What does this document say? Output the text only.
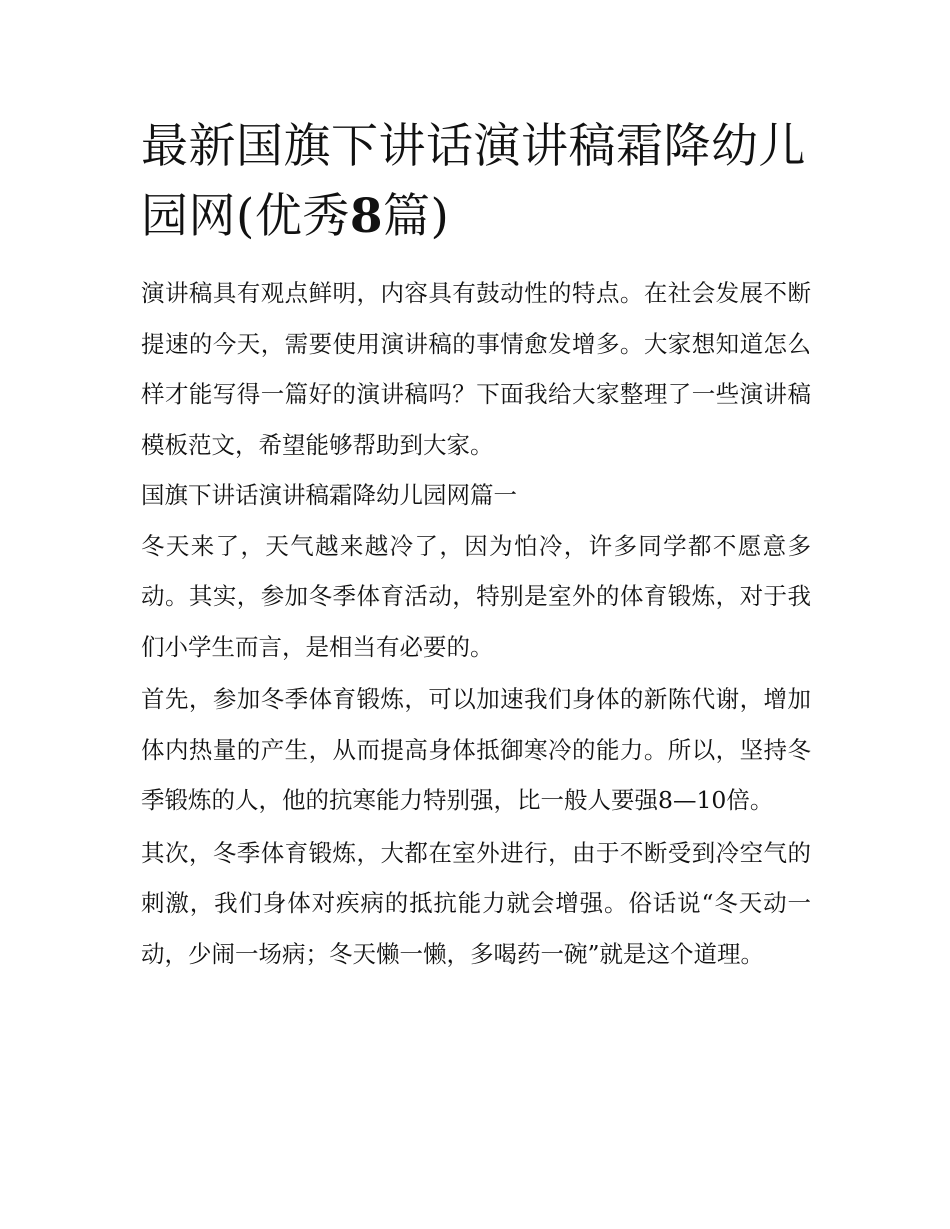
最新国旗下讲话演讲稿霜降幼儿园网(优秀8篇)

演讲稿具有观点鲜明，内容具有鼓动性的特点。在社会发展不断提速的今天，需要使用演讲稿的事情愈发增多。大家想知道怎么样才能写得一篇好的演讲稿吗？下面我给大家整理了一些演讲稿模板范文，希望能够帮助到大家。

国旗下讲话演讲稿霜降幼儿园网篇一

冬天来了，天气越来越冷了，因为怕冷，许多同学都不愿意多动。其实，参加冬季体育活动，特别是室外的体育锻炼，对于我们小学生而言，是相当有必要的。

首先，参加冬季体育锻炼，可以加速我们身体的新陈代谢，增加体内热量的产生，从而提高身体抵御寒冷的能力。所以，坚持冬季锻炼的人，他的抗寒能力特别强，比一般人要强8—10倍。

其次，冬季体育锻炼，大都在室外进行，由于不断受到冷空气的刺激，我们身体对疾病的抵抗能力就会增强。俗话说“冬天动一动，少闹一场病；冬天懒一懒，多喝药一碗”就是这个道理。
